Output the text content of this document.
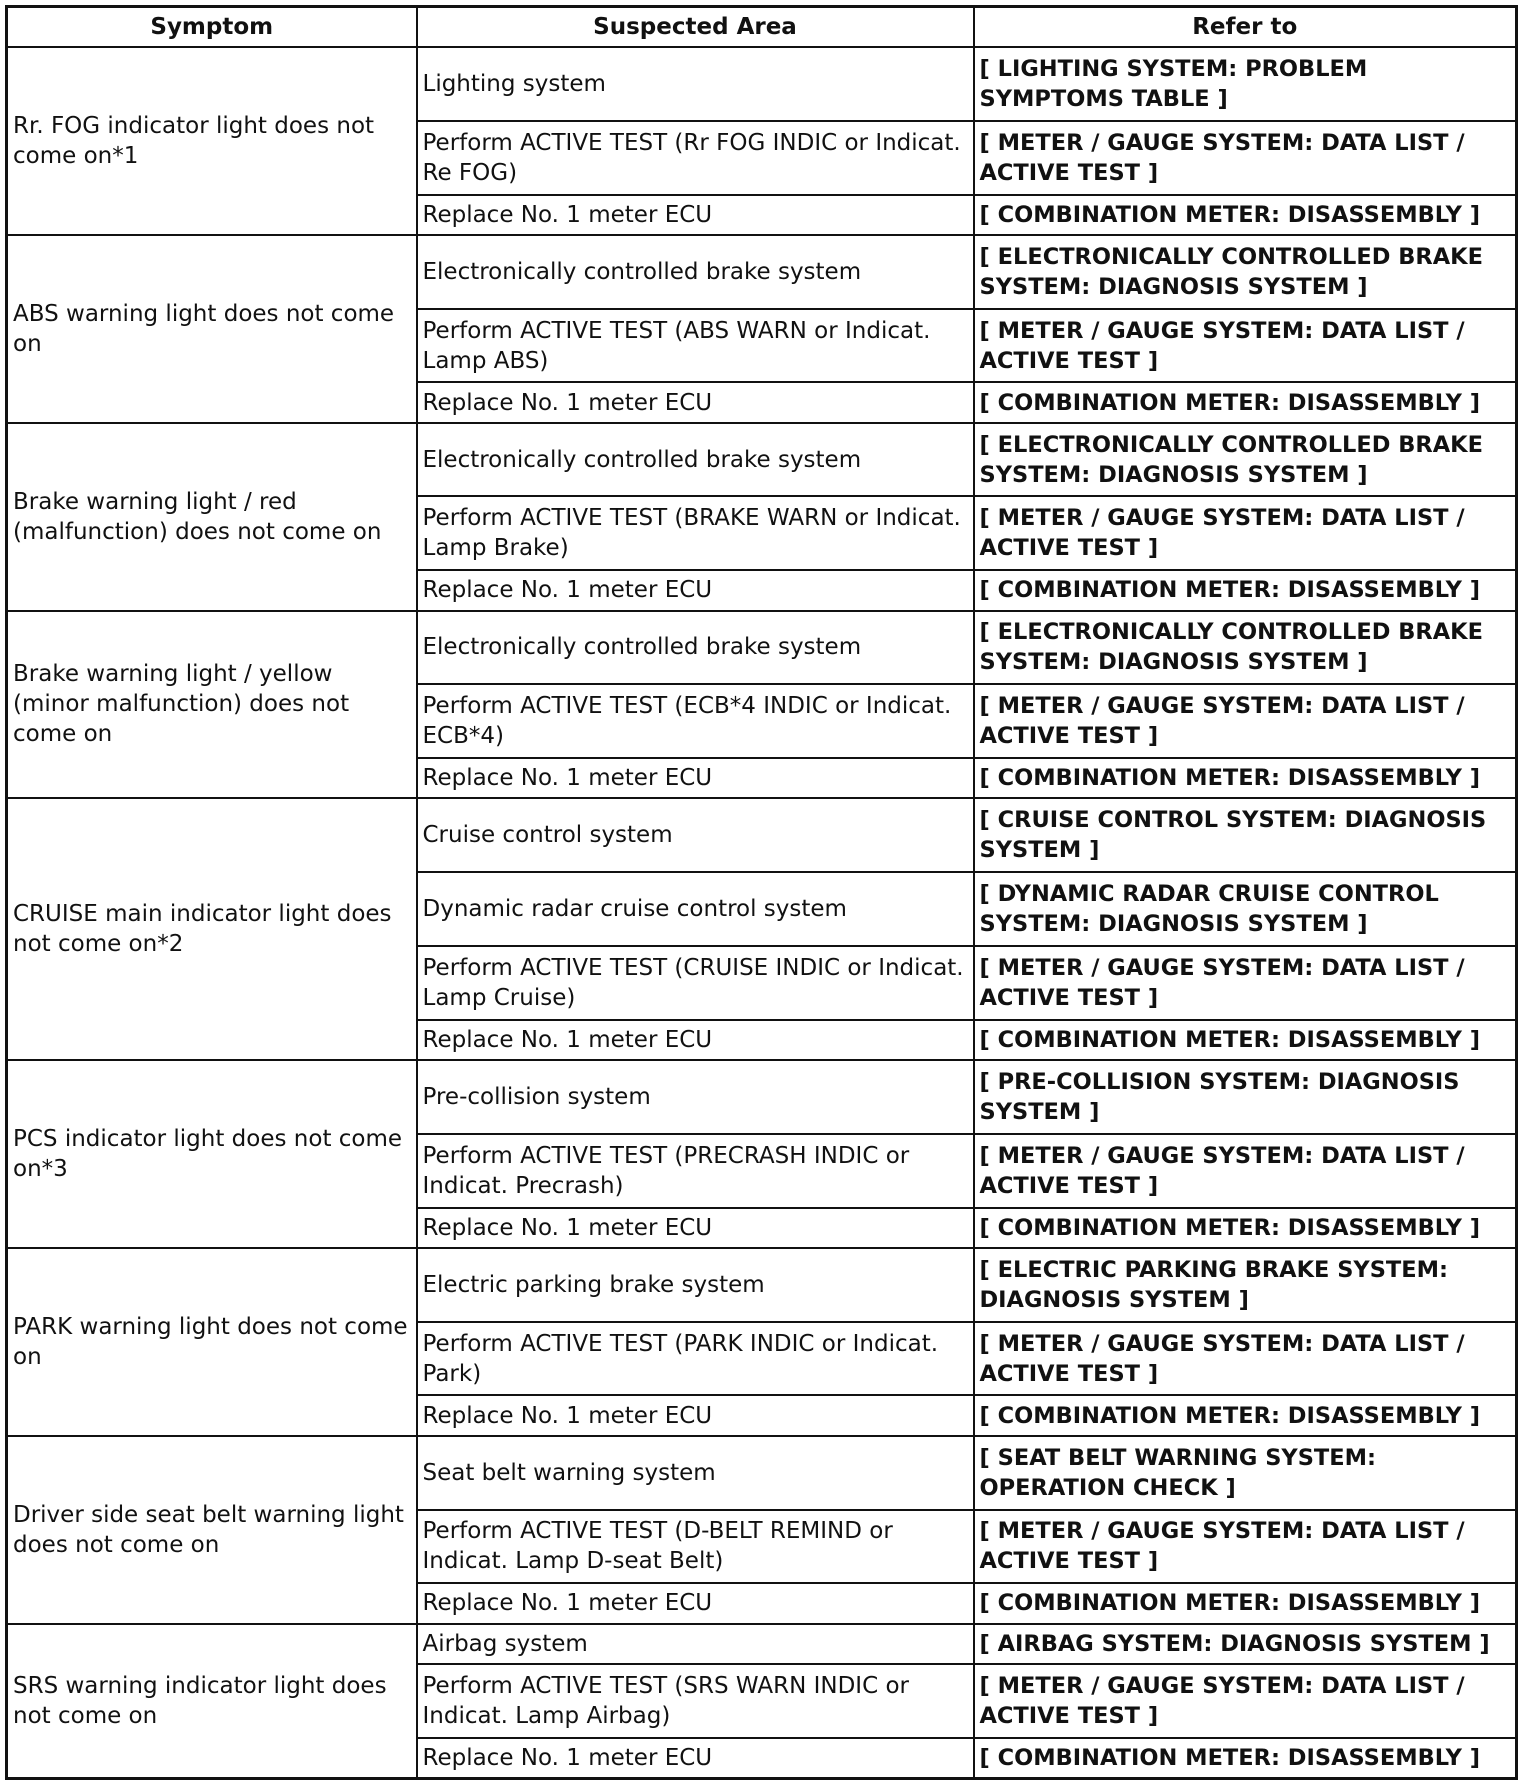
Symptom	Suspected Area	Refer to
Rr. FOG indicator light does not come on*1	Lighting system	[ LIGHTING SYSTEM: PROBLEM SYMPTOMS TABLE ]
	Perform ACTIVE TEST (Rr FOG INDIC or Indicat. Re FOG)	[ METER / GAUGE SYSTEM: DATA LIST / ACTIVE TEST ]
	Replace No. 1 meter ECU	[ COMBINATION METER: DISASSEMBLY ]
ABS warning light does not come on	Electronically controlled brake system	[ ELECTRONICALLY CONTROLLED BRAKE SYSTEM: DIAGNOSIS SYSTEM ]
	Perform ACTIVE TEST (ABS WARN or Indicat. Lamp ABS)	[ METER / GAUGE SYSTEM: DATA LIST / ACTIVE TEST ]
	Replace No. 1 meter ECU	[ COMBINATION METER: DISASSEMBLY ]
Brake warning light / red (malfunction) does not come on	Electronically controlled brake system	[ ELECTRONICALLY CONTROLLED BRAKE SYSTEM: DIAGNOSIS SYSTEM ]
	Perform ACTIVE TEST (BRAKE WARN or Indicat. Lamp Brake)	[ METER / GAUGE SYSTEM: DATA LIST / ACTIVE TEST ]
	Replace No. 1 meter ECU	[ COMBINATION METER: DISASSEMBLY ]
Brake warning light / yellow (minor malfunction) does not come on	Electronically controlled brake system	[ ELECTRONICALLY CONTROLLED BRAKE SYSTEM: DIAGNOSIS SYSTEM ]
	Perform ACTIVE TEST (ECB*4 INDIC or Indicat. ECB*4)	[ METER / GAUGE SYSTEM: DATA LIST / ACTIVE TEST ]
	Replace No. 1 meter ECU	[ COMBINATION METER: DISASSEMBLY ]
CRUISE main indicator light does not come on*2	Cruise control system	[ CRUISE CONTROL SYSTEM: DIAGNOSIS SYSTEM ]
	Dynamic radar cruise control system	[ DYNAMIC RADAR CRUISE CONTROL SYSTEM: DIAGNOSIS SYSTEM ]
	Perform ACTIVE TEST (CRUISE INDIC or Indicat. Lamp Cruise)	[ METER / GAUGE SYSTEM: DATA LIST / ACTIVE TEST ]
	Replace No. 1 meter ECU	[ COMBINATION METER: DISASSEMBLY ]
PCS indicator light does not come on*3	Pre-collision system	[ PRE-COLLISION SYSTEM: DIAGNOSIS SYSTEM ]
	Perform ACTIVE TEST (PRECRASH INDIC or Indicat. Precrash)	[ METER / GAUGE SYSTEM: DATA LIST / ACTIVE TEST ]
	Replace No. 1 meter ECU	[ COMBINATION METER: DISASSEMBLY ]
PARK warning light does not come on	Electric parking brake system	[ ELECTRIC PARKING BRAKE SYSTEM: DIAGNOSIS SYSTEM ]
	Perform ACTIVE TEST (PARK INDIC or Indicat. Park)	[ METER / GAUGE SYSTEM: DATA LIST / ACTIVE TEST ]
	Replace No. 1 meter ECU	[ COMBINATION METER: DISASSEMBLY ]
Driver side seat belt warning light does not come on	Seat belt warning system	[ SEAT BELT WARNING SYSTEM: OPERATION CHECK ]
	Perform ACTIVE TEST (D-BELT REMIND or Indicat. Lamp D-seat Belt)	[ METER / GAUGE SYSTEM: DATA LIST / ACTIVE TEST ]
	Replace No. 1 meter ECU	[ COMBINATION METER: DISASSEMBLY ]
SRS warning indicator light does not come on	Airbag system	[ AIRBAG SYSTEM: DIAGNOSIS SYSTEM ]
	Perform ACTIVE TEST (SRS WARN INDIC or Indicat. Lamp Airbag)	[ METER / GAUGE SYSTEM: DATA LIST / ACTIVE TEST ]
	Replace No. 1 meter ECU	[ COMBINATION METER: DISASSEMBLY ]
